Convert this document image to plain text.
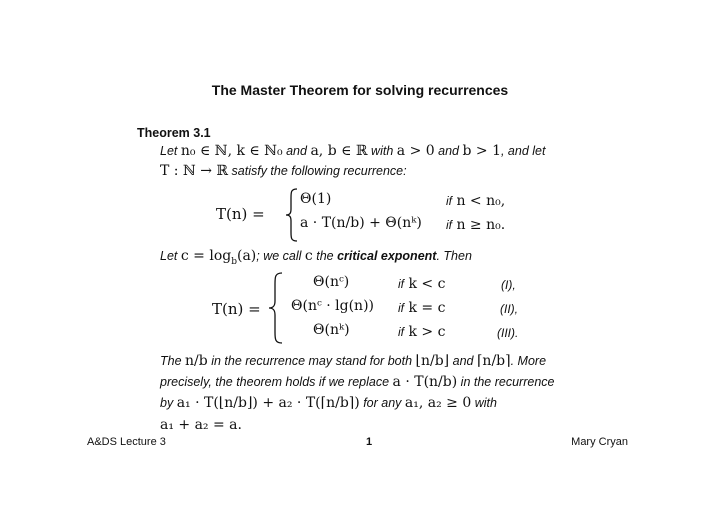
The Master Theorem for solving recurrences
Theorem 3.1
Let n₀ ∈ ℕ, k ∈ ℕ₀ and a, b ∈ ℝ with a > 0 and b > 1, and let
T : ℕ → ℝ satisfy the following recurrence:
T(n) =
Θ(1)	if n < n₀,
a · T(n/b) + Θ(nᵏ) if n ≥ n₀.
Let $c = \log_b(a)$; we call c the critical exponent. Then
T(n) =
Θ(nᶜ)	if k < c	(I),
Θ(nᶜ · lg(n)) if k = c	(II),
Θ(nᵏ)	if k > c	(III).
The n/b in the recurrence may stand for both ⌊n/b⌋ and ⌈n/b⌉. More
precisely, the theorem holds if we replace a · T(n/b) in the recurrence
by a₁ · T(⌊n/b⌋) + a₂ · T(⌈n/b⌉) for any a₁, a₂ ≥ 0 with
a₁ + a₂ = a.
A&DS Lecture 3	1	Mary Cryan
